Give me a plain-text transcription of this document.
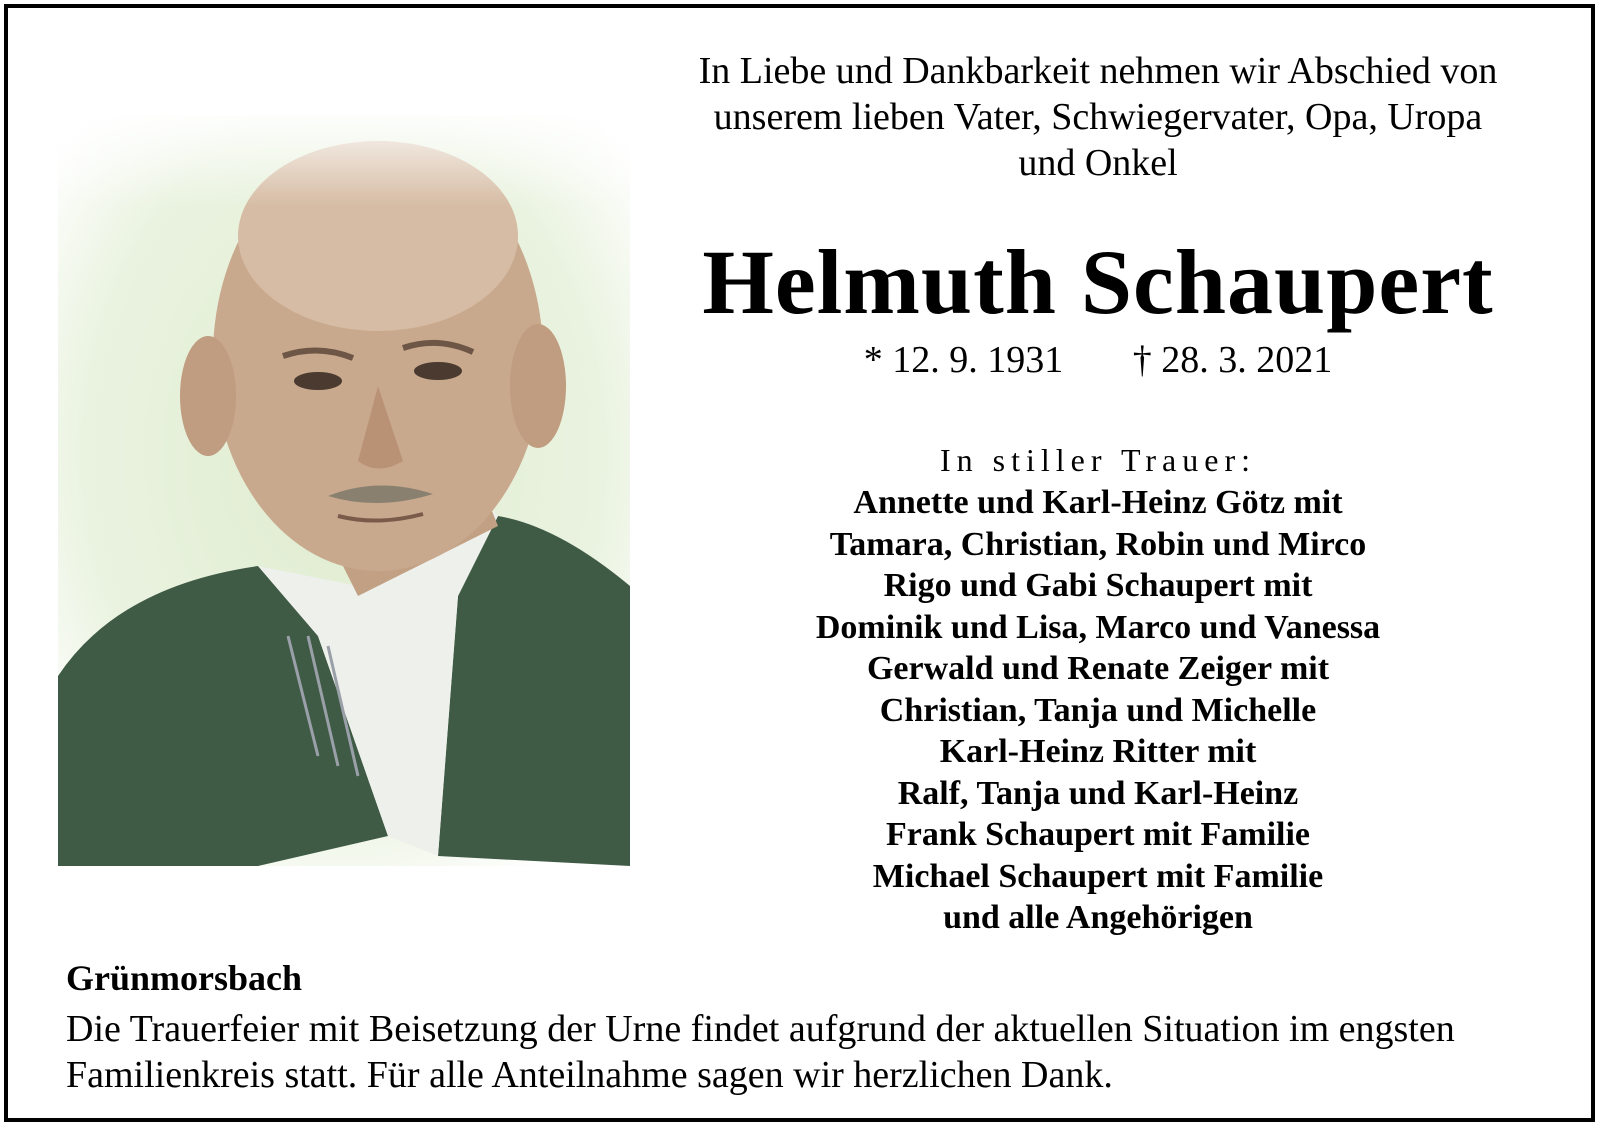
In Liebe und Dankbarkeit nehmen wir Abschied von
unserem lieben Vater, Schwiegervater, Opa, Uropa
und Onkel
Helmuth Schaupert
* 12. 9. 1931 † 28. 3. 2021
In stiller Trauer:
Annette und Karl-Heinz Götz mit
Tamara, Christian, Robin und Mirco
Rigo und Gabi Schaupert mit
Dominik und Lisa, Marco und Vanessa
Gerwald und Renate Zeiger mit
Christian, Tanja und Michelle
Karl-Heinz Ritter mit
Ralf, Tanja und Karl-Heinz
Frank Schaupert mit Familie
Michael Schaupert mit Familie
und alle Angehörigen
Grünmorsbach
Die Trauerfeier mit Beisetzung der Urne findet aufgrund der aktuellen Situation im engsten
Familienkreis statt. Für alle Anteilnahme sagen wir herzlichen Dank.
